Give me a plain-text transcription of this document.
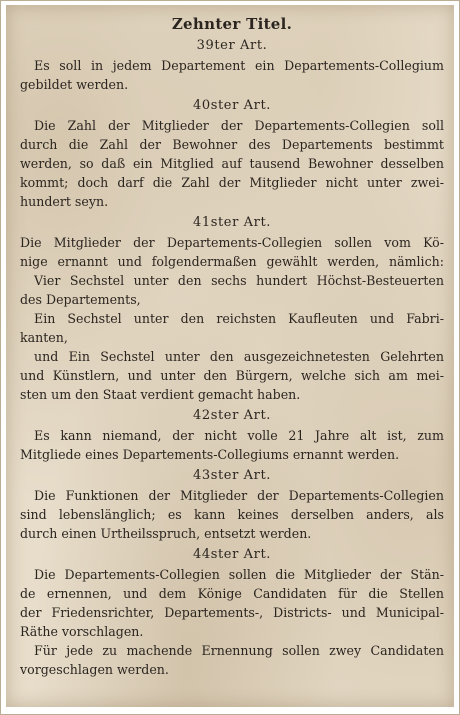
Zehnter Titel.
39ter Art.
Es soll in jedem Departement ein Departements-Collegium
gebildet werden.
40ster Art.
Die Zahl der Mitglieder der Departements-Collegien soll
durch die Zahl der Bewohner des Departements bestimmt
werden, so daß ein Mitglied auf tausend Bewohner desselben
kommt; doch darf die Zahl der Mitglieder nicht unter zwei-
hundert seyn.
41ster Art.
Die Mitglieder der Departements-Collegien sollen vom Kö-
nige ernannt und folgendermaßen gewählt werden, nämlich:
Vier Sechstel unter den sechs hundert Höchst-Besteuerten
des Departements,
Ein Sechstel unter den reichsten Kaufleuten und Fabri-
kanten,
und Ein Sechstel unter den ausgezeichnetesten Gelehrten
und Künstlern, und unter den Bürgern, welche sich am mei-
sten um den Staat verdient gemacht haben.
42ster Art.
Es kann niemand, der nicht volle 21 Jahre alt ist, zum
Mitgliede eines Departements-Collegiums ernannt werden.
43ster Art.
Die Funktionen der Mitglieder der Departements-Collegien
sind lebenslänglich; es kann keines derselben anders, als
durch einen Urtheilsspruch, entsetzt werden.
44ster Art.
Die Departements-Collegien sollen die Mitglieder der Stän-
de ernennen, und dem Könige Candidaten für die Stellen
der Friedensrichter, Departements-, Districts- und Municipal-
Räthe vorschlagen.
Für jede zu machende Ernennung sollen zwey Candidaten
vorgeschlagen werden.
